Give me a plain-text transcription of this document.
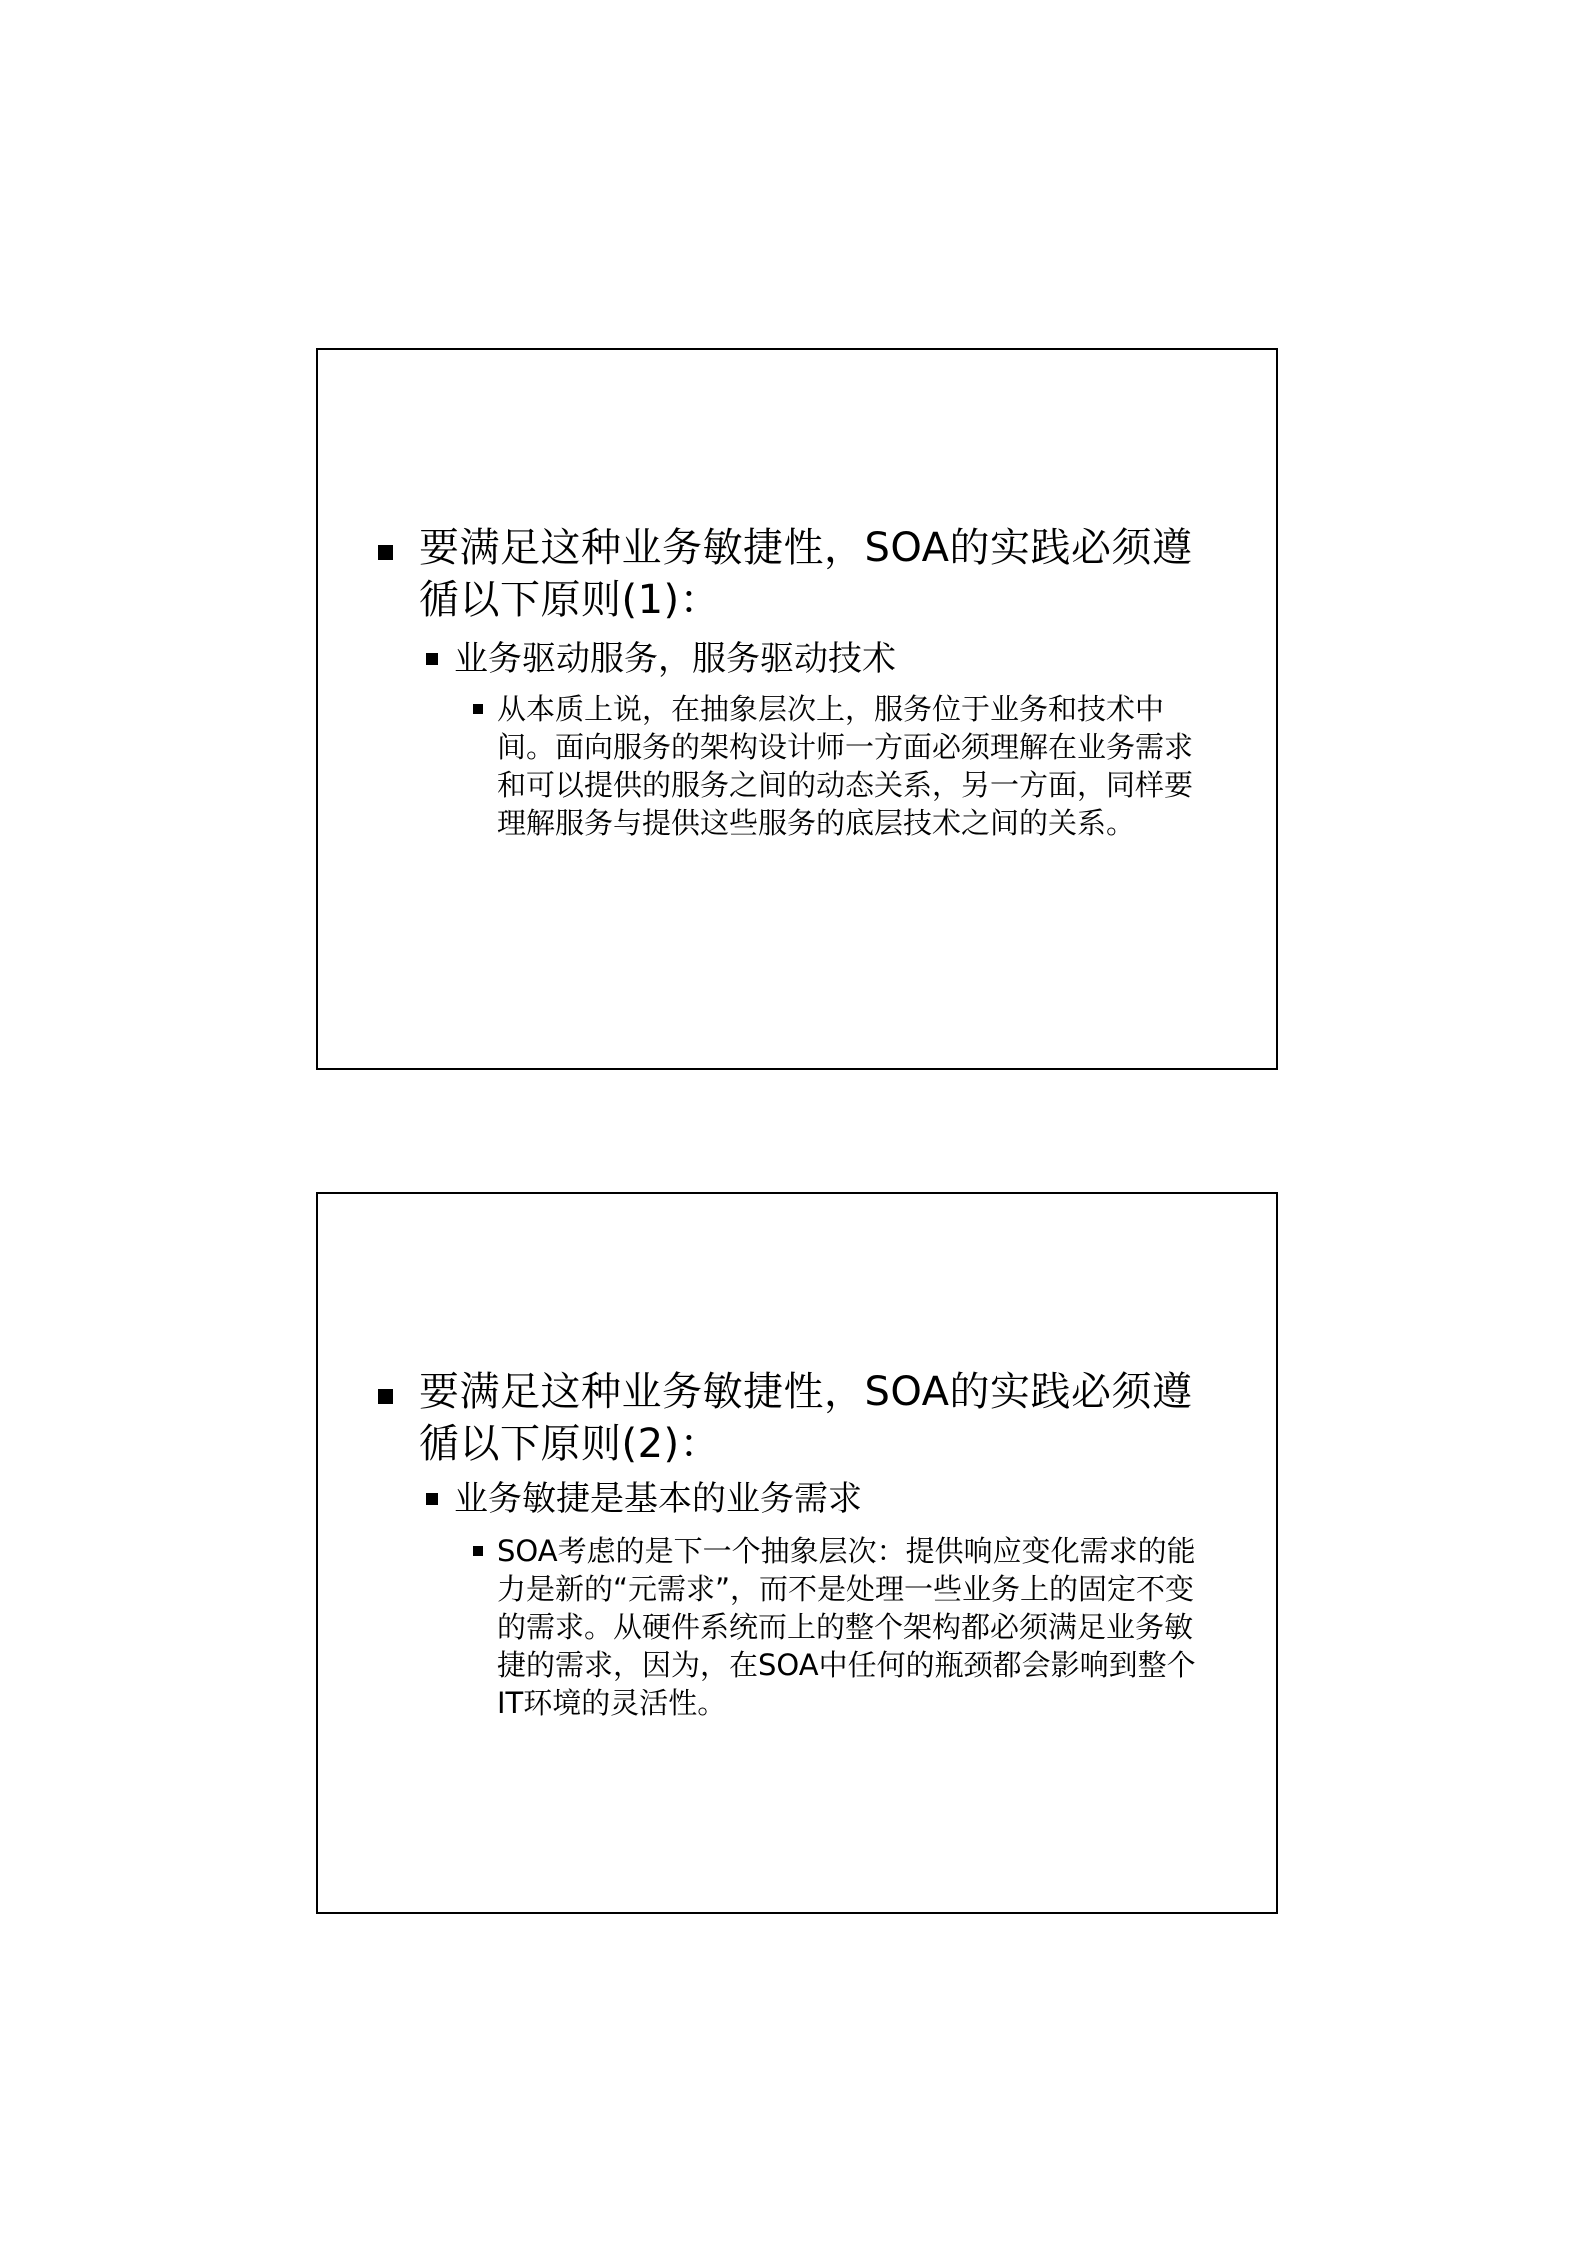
要满足这种业务敏捷性，SOA的实践必须遵循以下原则(1)：
业务驱动服务，服务驱动技术
从本质上说，在抽象层次上，服务位于业务和技术中间。面向服务的架构设计师一方面必须理解在业务需求和可以提供的服务之间的动态关系，另一方面，同样要理解服务与提供这些服务的底层技术之间的关系。
要满足这种业务敏捷性，SOA的实践必须遵循以下原则(2)：
业务敏捷是基本的业务需求
SOA考虑的是下一个抽象层次：提供响应变化需求的能力是新的“元需求”，而不是处理一些业务上的固定不变的需求。从硬件系统而上的整个架构都必须满足业务敏捷的需求，因为，在SOA中任何的瓶颈都会影响到整个IT环境的灵活性。
